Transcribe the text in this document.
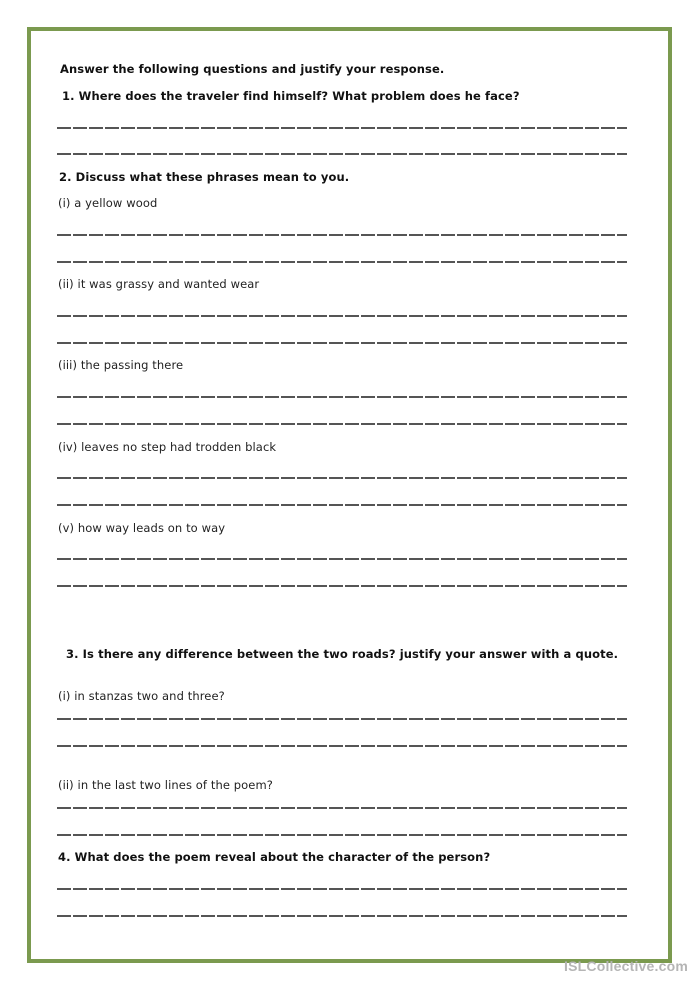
Answer the following questions and justify your response.
1. Where does the traveler find himself? What problem does he face?
2. Discuss what these phrases mean to you.
(i) a yellow wood
(ii) it was grassy and wanted wear
(iii) the passing there
(iv) leaves no step had trodden black
(v) how way leads on to way
3. Is there any difference between the two roads? justify your answer with a quote.
(i) in stanzas two and three?
(ii) in the last two lines of the poem?
4. What does the poem reveal about the character of the person?
ISLCollective.com
